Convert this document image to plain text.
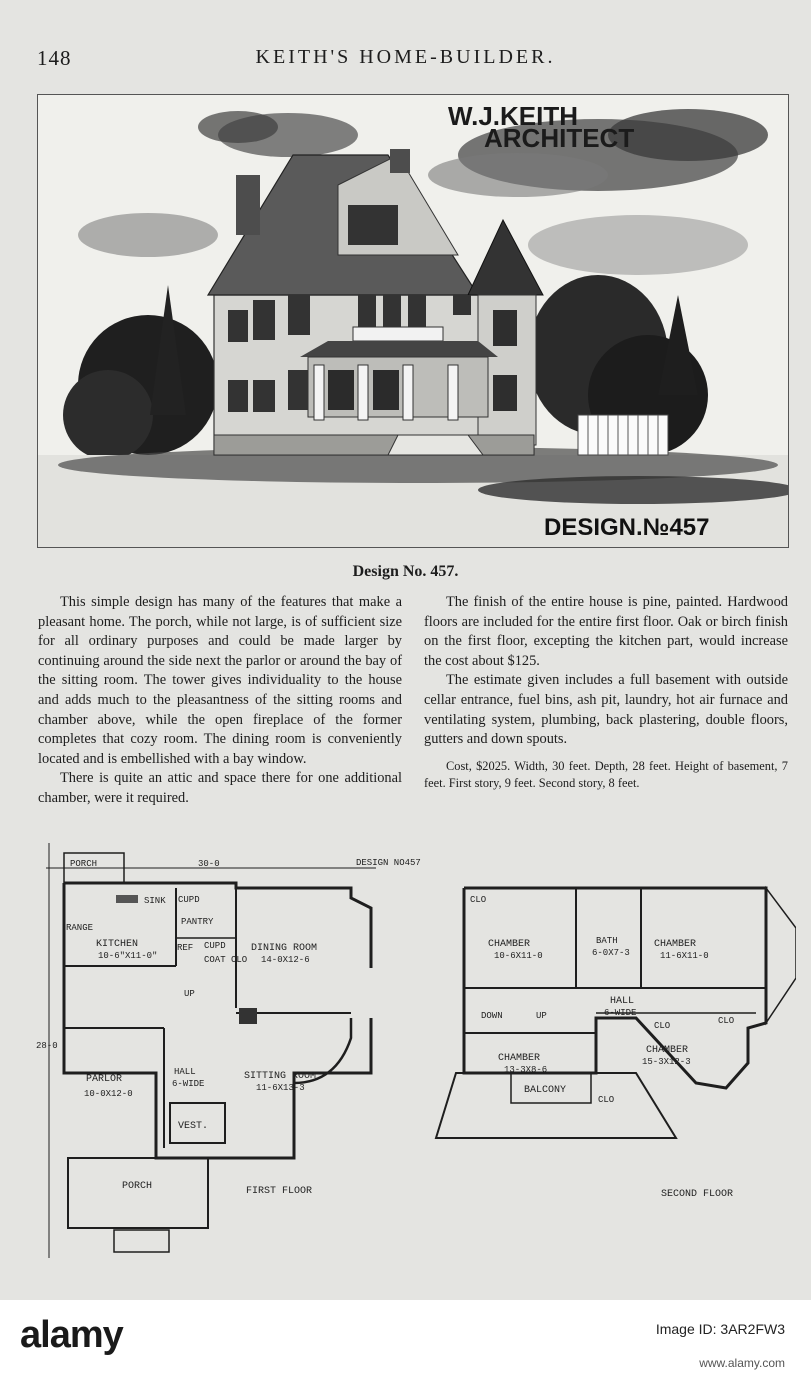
KEITH'S HOME-BUILDER.
148
W.J.KEITH
ARCHITECT
DESIGN.№457
Design No. 457.

This simple design has many of the features that make a pleasant home. The porch, while not large, is of sufficient size for all ordinary purposes and could be made larger by continuing around the side next the parlor or around the bay of the sitting room. The tower gives individuality to the house and adds much to the pleasantness of the sitting rooms and chamber above, while the open fireplace of the former completes that cozy room. The dining room is conveniently located and is embellished with a bay window.

There is quite an attic and space there for one additional chamber, were it required.

The finish of the entire house is pine, painted. Hardwood floors are included for the entire first floor. Oak or birch finish on the first floor, excepting the kitchen part, would increase the cost about $125.

The estimate given includes a full basement with outside cellar entrance, fuel bins, ash pit, laundry, hot air furnace and ventilating system, plumbing, back plastering, double floors, gutters and down spouts.

Cost, $2025. Width, 30 feet. Depth, 28 feet. Height of basement, 7 feet. First story, 9 feet. Second story, 8 feet.

DESIGN NO457
PORCH	30-0
28-0
SINK CUPD
RANGE
PANTRY
KITCHEN
10-6"X11-0"
REF CUPD
COAT CLO
DINING ROOM
14-0X12-6
UP
PARLOR
10-0X12-0
HALL
6-WIDE
SITTING ROOM
11-6X13-3
VEST.
PORCH	FIRST FLOOR
CLO
CHAMBER
10-6X11-0
BATH
6-0X7-3
CHAMBER
11-6X11-0
DOWN	UP
HALL
6-WIDE
CLO	CLO
CHAMBER
13-3X8-6
CHAMBER
15-3X12-3
CLO
BALCONY
SECOND FLOOR
alamy	Image ID: 3AR2FW3
www.alamy.com
